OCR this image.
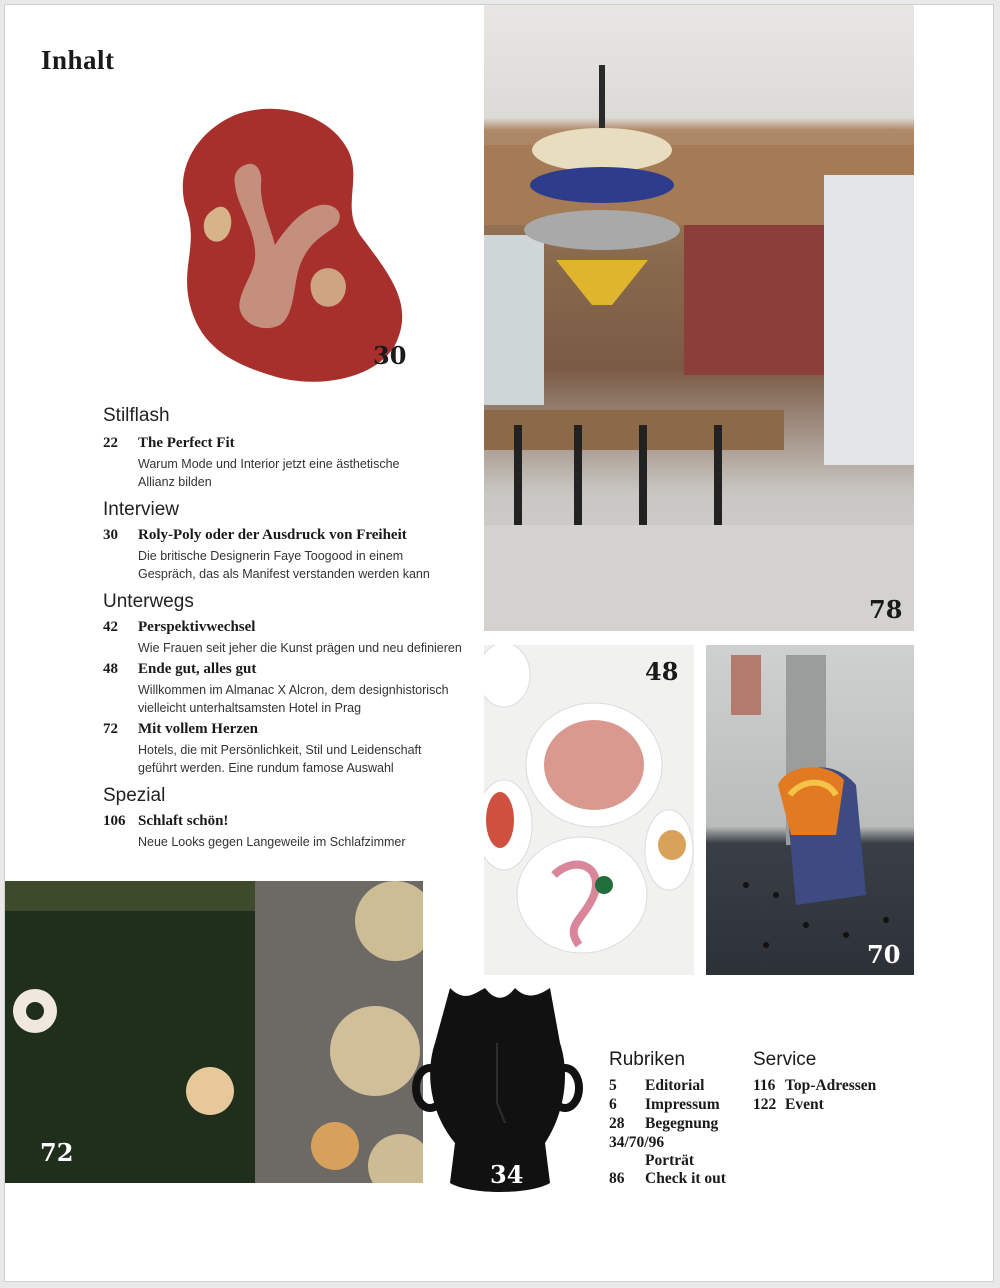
Inhalt
30
78
48
70
72
34
Stilflash
22 The Perfect Fit
Warum Mode und Interior jetzt eine ästhetische
Allianz bilden
Interview
30 Roly-Poly oder der Ausdruck von Freiheit
Die britische Designerin Faye Toogood in einem
Gespräch, das als Manifest verstanden werden kann
Unterwegs
42 Perspektivwechsel
Wie Frauen seit jeher die Kunst prägen und neu definieren
48 Ende gut, alles gut
Willkommen im Almanac X Alcron, dem designhistorisch
vielleicht unterhaltsamsten Hotel in Prag
72 Mit vollem Herzen
Hotels, die mit Persönlichkeit, Stil und Leidenschaft
geführt werden. Eine rundum famose Auswahl
Spezial
106 Schlaft schön!
Neue Looks gegen Langeweile im Schlafzimmer
Rubriken
5 Editorial
6 Impressum
28 Begegnung
34/70/96
Porträt
86 Check it out
Service
116 Top-Adressen
122 Event
